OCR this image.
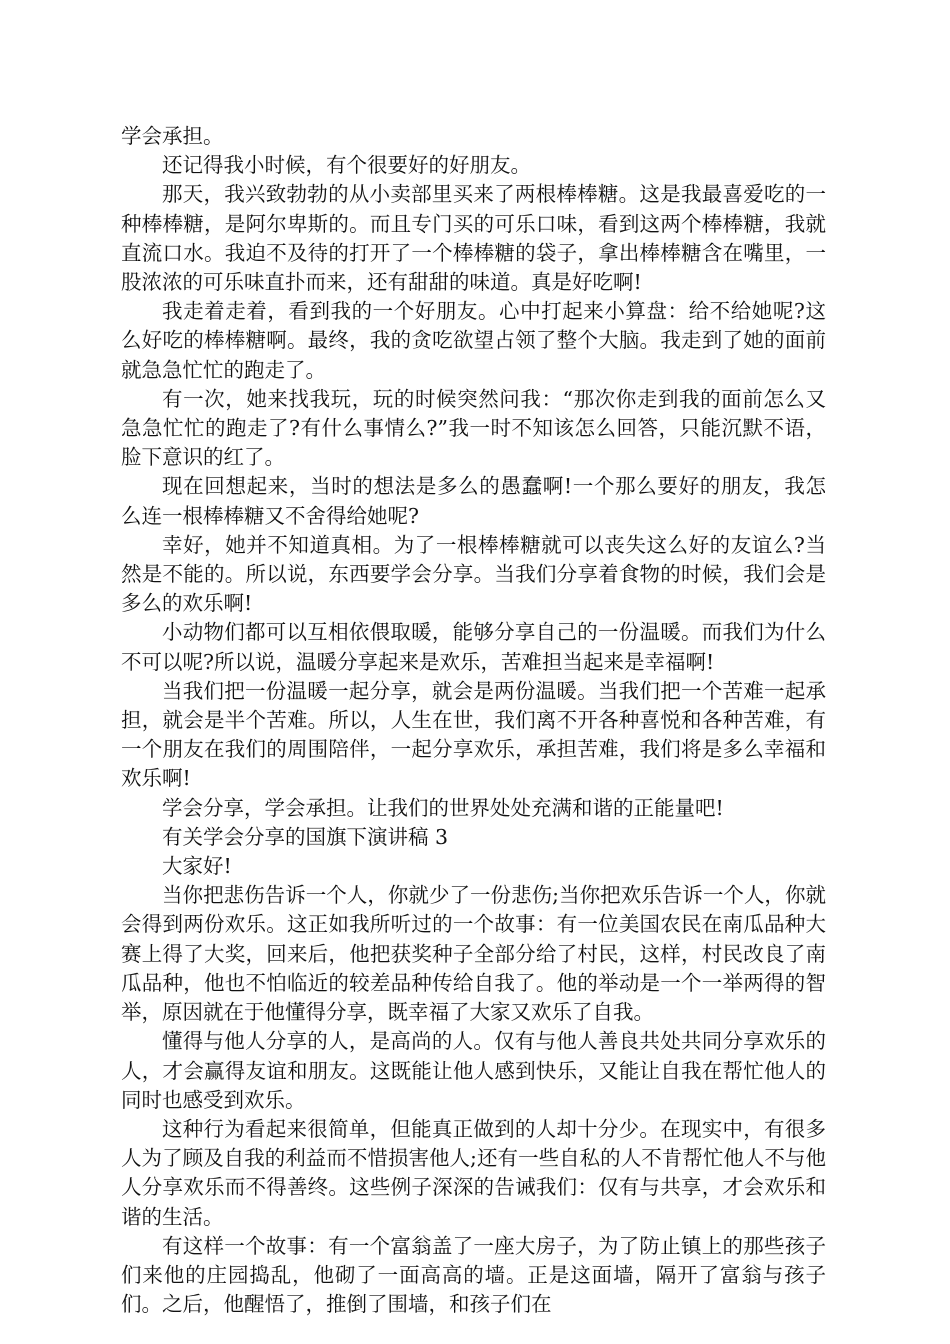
学会承担。

还记得我小时候，有个很要好的好朋友。

那天，我兴致勃勃的从小卖部里买来了两根棒棒糖。这是我最喜爱吃的一种棒棒糖，是阿尔卑斯的。而且专门买的可乐口味，看到这两个棒棒糖，我就直流口水。我迫不及待的打开了一个棒棒糖的袋子，拿出棒棒糖含在嘴里，一股浓浓的可乐味直扑而来，还有甜甜的味道。真是好吃啊!

我走着走着，看到我的一个好朋友。心中打起来小算盘：给不给她呢?这么好吃的棒棒糖啊。最终，我的贪吃欲望占领了整个大脑。我走到了她的面前就急急忙忙的跑走了。

有一次，她来找我玩，玩的时候突然问我：“那次你走到我的面前怎么又急急忙忙的跑走了?有什么事情么?”我一时不知该怎么回答，只能沉默不语，脸下意识的红了。

现在回想起来，当时的想法是多么的愚蠢啊!一个那么要好的朋友，我怎么连一根棒棒糖又不舍得给她呢?

幸好，她并不知道真相。为了一根棒棒糖就可以丧失这么好的友谊么?当然是不能的。所以说，东西要学会分享。当我们分享着食物的时候，我们会是多么的欢乐啊!

小动物们都可以互相依偎取暖，能够分享自己的一份温暖。而我们为什么不可以呢?所以说，温暖分享起来是欢乐，苦难担当起来是幸福啊!

当我们把一份温暖一起分享，就会是两份温暖。当我们把一个苦难一起承担，就会是半个苦难。所以，人生在世，我们离不开各种喜悦和各种苦难，有一个朋友在我们的周围陪伴，一起分享欢乐，承担苦难，我们将是多么幸福和欢乐啊!

学会分享，学会承担。让我们的世界处处充满和谐的正能量吧!

有关学会分享的国旗下演讲稿 3

大家好!

当你把悲伤告诉一个人，你就少了一份悲伤;当你把欢乐告诉一个人，你就会得到两份欢乐。这正如我所听过的一个故事：有一位美国农民在南瓜品种大赛上得了大奖，回来后，他把获奖种子全部分给了村民，这样，村民改良了南瓜品种，他也不怕临近的较差品种传给自我了。他的举动是一个一举两得的智举，原因就在于他懂得分享，既幸福了大家又欢乐了自我。

懂得与他人分享的人，是高尚的人。仅有与他人善良共处共同分享欢乐的人，才会赢得友谊和朋友。这既能让他人感到快乐，又能让自我在帮忙他人的同时也感受到欢乐。

这种行为看起来很简单，但能真正做到的人却十分少。在现实中，有很多人为了顾及自我的利益而不惜损害他人;还有一些自私的人不肯帮忙他人不与他人分享欢乐而不得善终。这些例子深深的告诫我们：仅有与共享，才会欢乐和谐的生活。

有这样一个故事：有一个富翁盖了一座大房子，为了防止镇上的那些孩子们来他的庄园捣乱，他砌了一面高高的墙。正是这面墙，隔开了富翁与孩子们。之后，他醒悟了，推倒了围墙，和孩子们在
